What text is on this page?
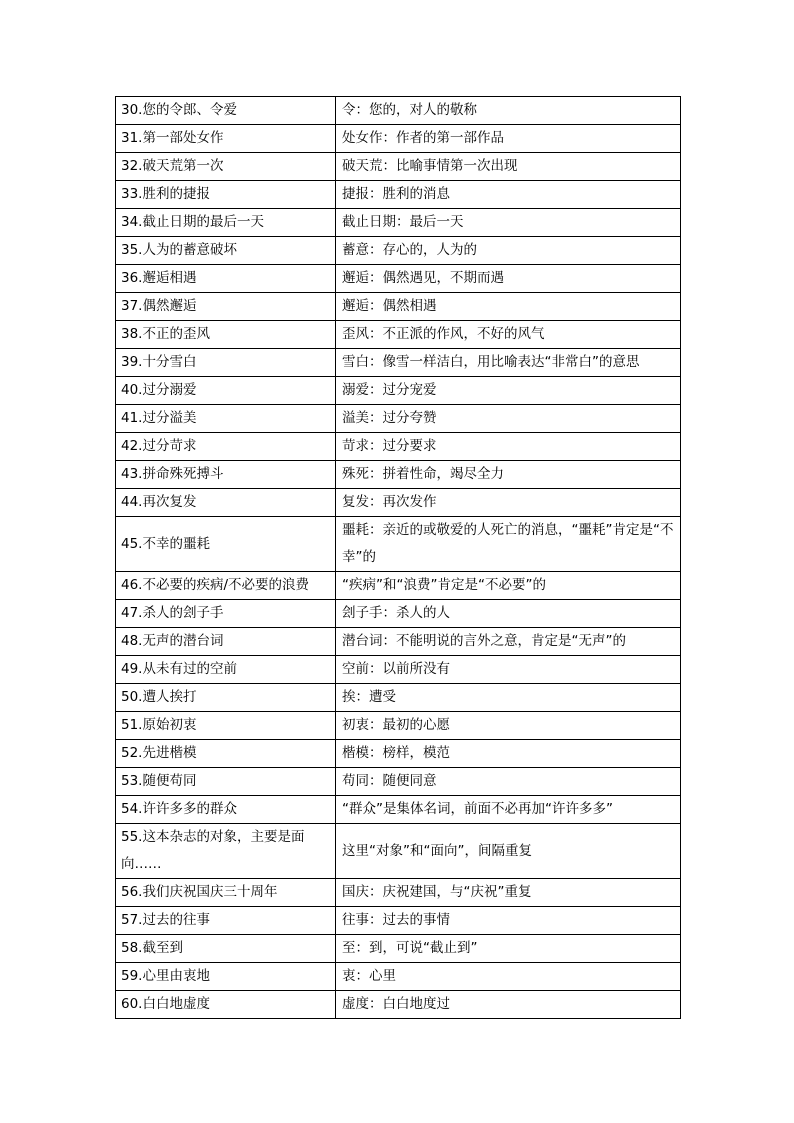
30.您的令郎、令爱	令：您的，对人的敬称
31.第一部处女作	处女作：作者的第一部作品
32.破天荒第一次	破天荒：比喻事情第一次出现
33.胜利的捷报	捷报：胜利的消息
34.截止日期的最后一天	截止日期：最后一天
35.人为的蓄意破坏	蓄意：存心的，人为的
36.邂逅相遇	邂逅：偶然遇见，不期而遇
37.偶然邂逅	邂逅：偶然相遇
38.不正的歪风	歪风：不正派的作风，不好的风气
39.十分雪白	雪白：像雪一样洁白，用比喻表达“非常白”的意思
40.过分溺爱	溺爱：过分宠爱
41.过分溢美	溢美：过分夸赞
42.过分苛求	苛求：过分要求
43.拼命殊死搏斗	殊死：拼着性命，竭尽全力
44.再次复发	复发：再次发作
45.不幸的噩耗	噩耗：亲近的或敬爱的人死亡的消息，“噩耗”肯定是“不幸”的
46.不必要的疾病/不必要的浪费	“疾病”和“浪费”肯定是“不必要”的
47.杀人的刽子手	刽子手：杀人的人
48.无声的潜台词	潜台词：不能明说的言外之意，肯定是“无声”的
49.从未有过的空前	空前：以前所没有
50.遭人挨打	挨：遭受
51.原始初衷	初衷：最初的心愿
52.先进楷模	楷模：榜样，模范
53.随便苟同	苟同：随便同意
54.许许多多的群众	“群众”是集体名词，前面不必再加“许许多多”
55.这本杂志的对象，主要是面向……	这里“对象”和“面向”，间隔重复
56.我们庆祝国庆三十周年	国庆：庆祝建国，与“庆祝”重复
57.过去的往事	往事：过去的事情
58.截至到	至：到，可说“截止到”
59.心里由衷地	衷：心里
60.白白地虚度	虚度：白白地度过
